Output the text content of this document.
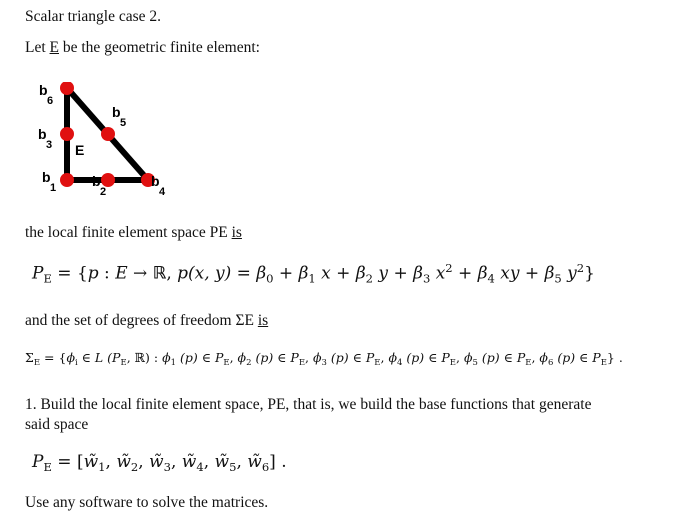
Scalar triangle case 2.
Let E be the geometric finite element:
E
b
6
b
5
b
3
b
1	b
2
b
4
the local finite element space PE is
$P_E = \{p$ : E → ℝ, p(x, $y) = \beta_0 + \beta_1$ $x + \beta_2$ $y + \beta_3$ $x^2 + \beta_4$ xy + $\beta_5$ $y^2$}
and the set of degrees of freedom ΣE is
$\Sigma_E = \{\phi_i$ ∈ L ($P_E$, ℝ) : $\phi_1$ (p) ∈ $P_E$, $\phi_2$ (p) ∈ $P_E$, $\phi_3$ (p) ∈ $P_E$, $\phi_4$ (p) ∈ $P_E$, $\phi_5$ (p) ∈ $P_E$, $\phi_6$ (p) ∈ $P_E$} .
1. Build the local finite element space, PE, that is, we build the base functions that generate
said space
$P_E$ = [$w̃_1$, $w̃_2$, $w̃_3$, $w̃_4$, $w̃_5$, $w̃_6$] .
Use any software to solve the matrices.
